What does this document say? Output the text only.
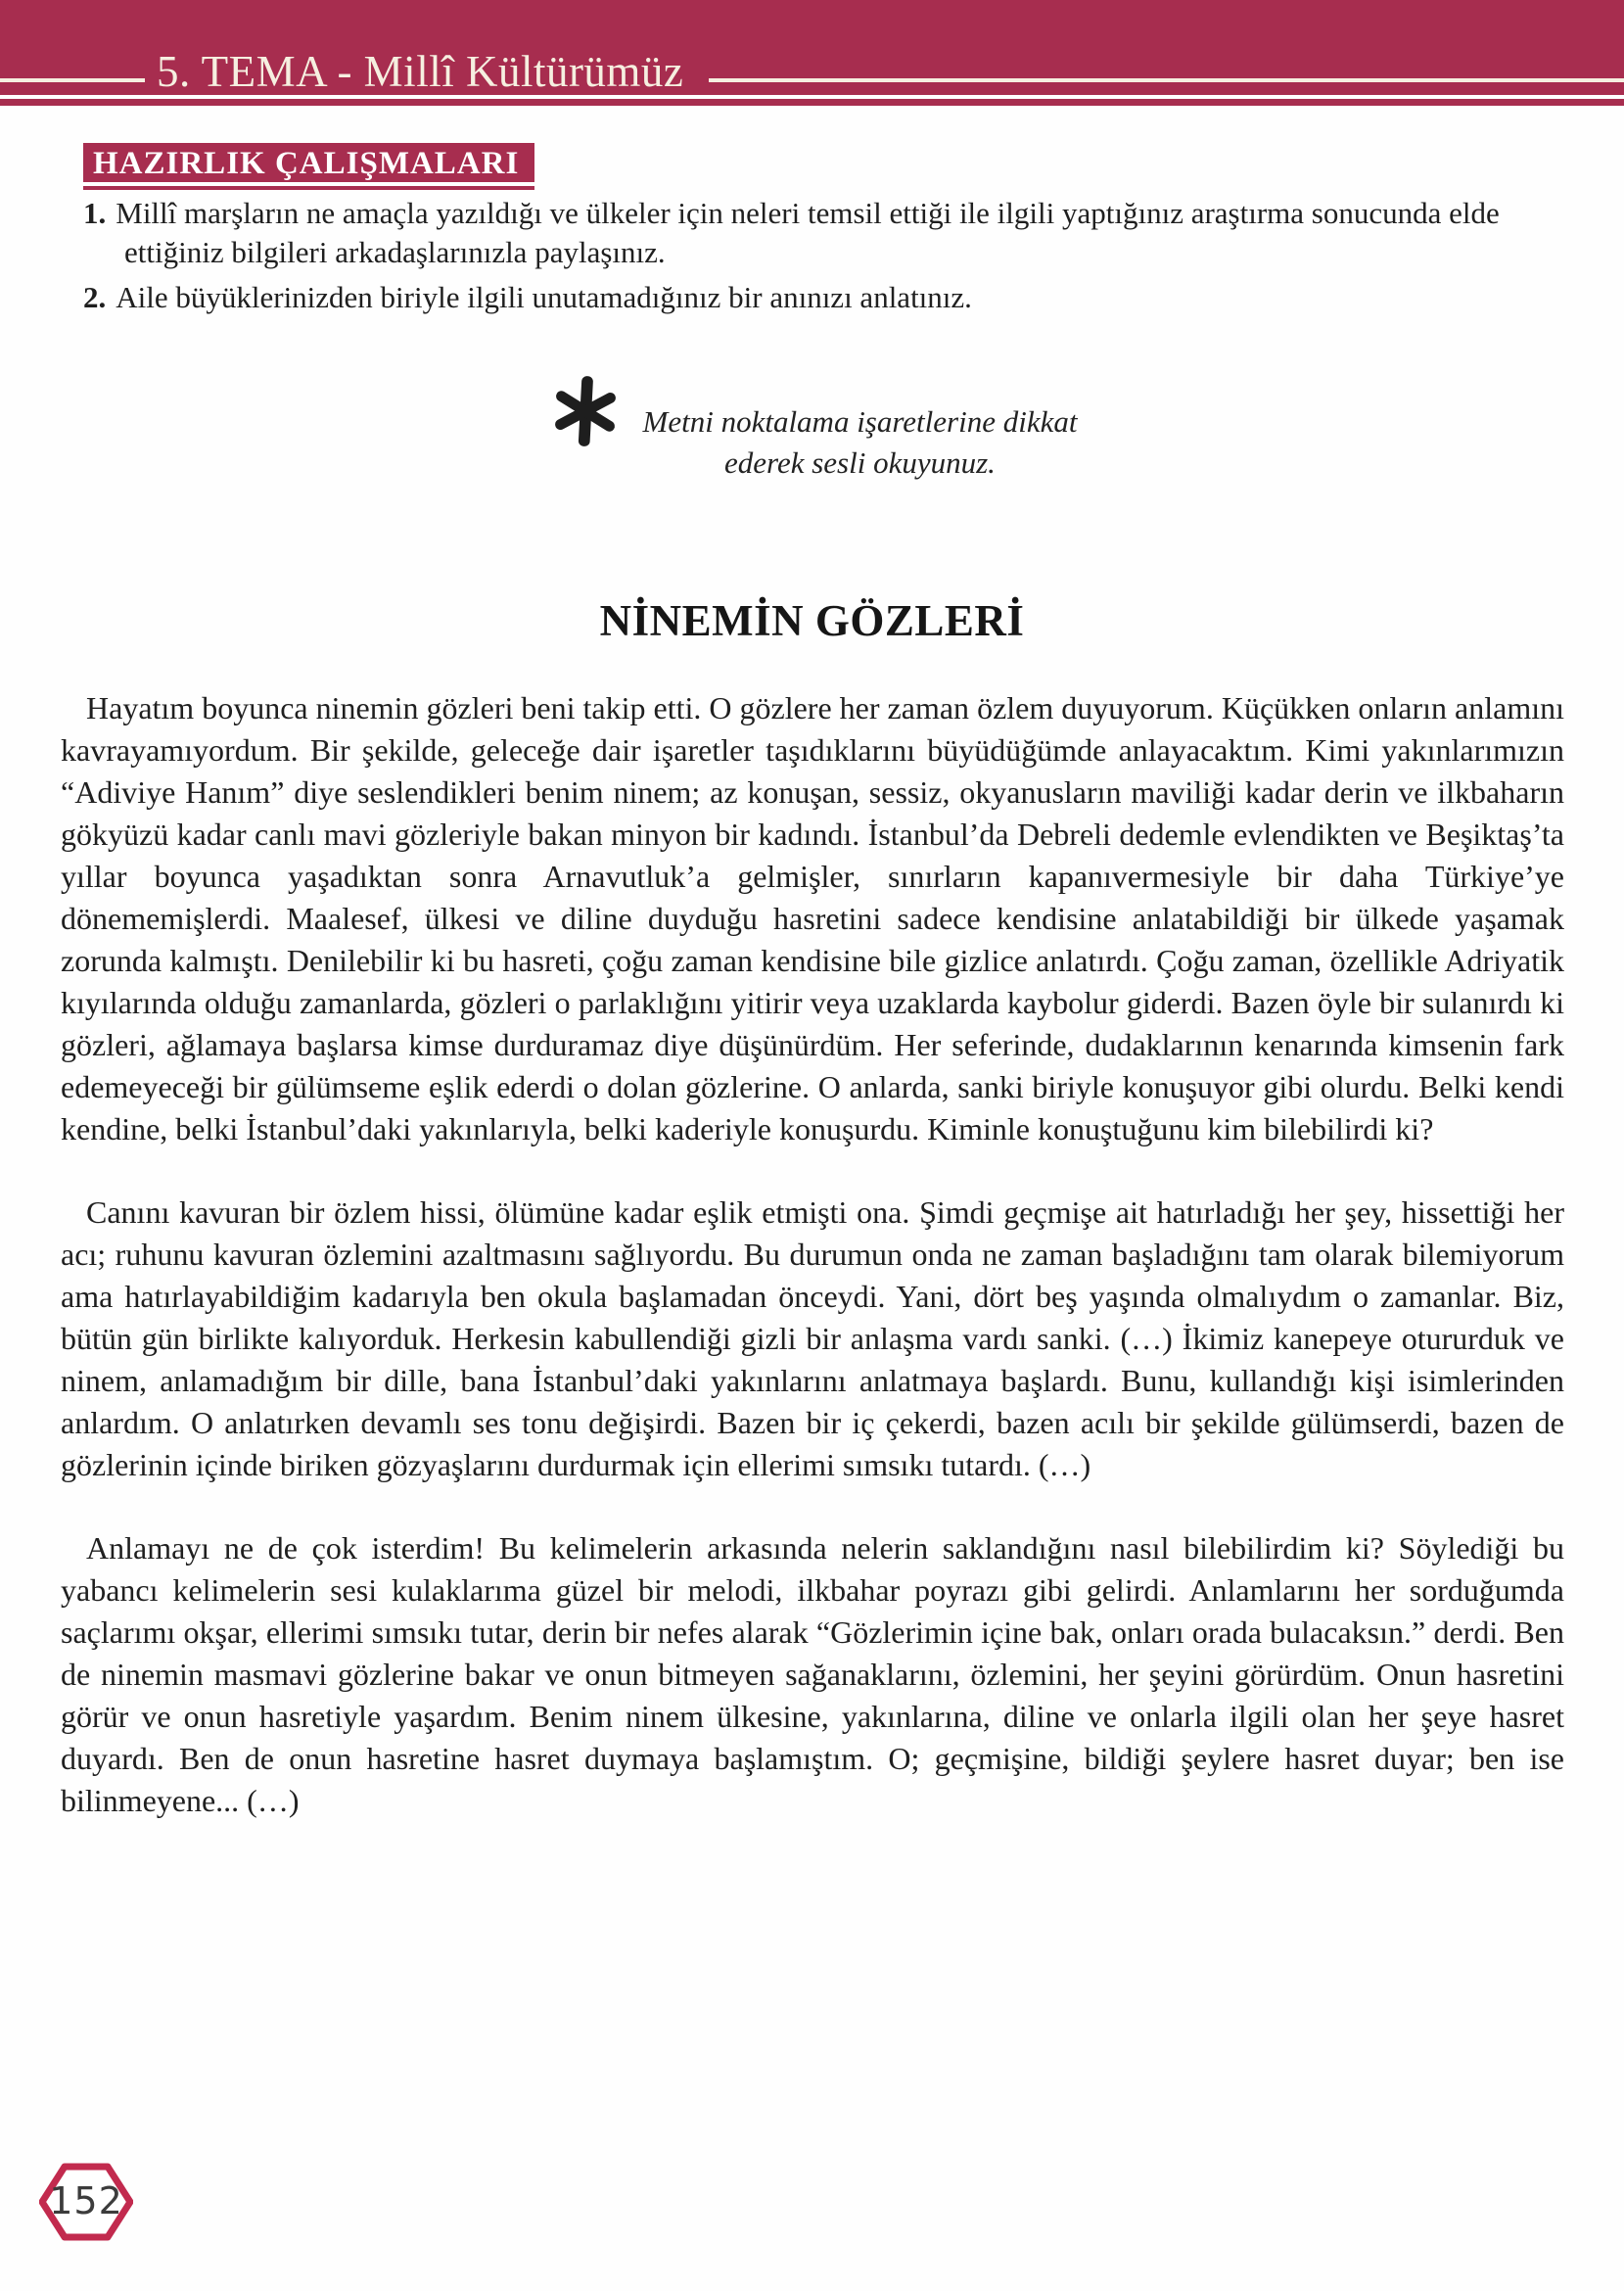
5. TEMA - Millî Kültürümüz
HAZIRLIK ÇALIŞMALARI
1. Millî marşların ne amaçla yazıldığı ve ülkeler için neleri temsil ettiği ile ilgili yaptığınız araştırma sonucunda elde ettiğiniz bilgileri arkadaşlarınızla paylaşınız.
2. Aile büyüklerinizden biriyle ilgili unutamadığınız bir anınızı anlatınız.
Metni noktalama işaretlerine dikkat
ederek sesli okuyunuz.
NİNEMİN GÖZLERİ

Hayatım boyunca ninemin gözleri beni takip etti. O gözlere her zaman özlem duyuyorum. Küçükken onların anlamını kavrayamıyordum. Bir şekilde, geleceğe dair işaretler taşıdıklarını büyüdüğümde anlayacaktım. Kimi yakınlarımızın “Adiviye Hanım” diye seslendikleri benim ninem; az konuşan, sessiz, okyanusların maviliği kadar derin ve ilkbaharın gökyüzü kadar canlı mavi gözleriyle bakan minyon bir kadındı. İstanbul’da Debreli dedemle evlendikten ve Beşiktaş’ta yıllar boyunca yaşadıktan sonra Arnavutluk’a gelmişler, sınırların kapanıvermesiyle bir daha Türkiye’ye dönememişlerdi. Maalesef, ülkesi ve diline duyduğu hasretini sadece kendisine anlatabildiği bir ülkede yaşamak zorunda kalmıştı. Denilebilir ki bu hasreti, çoğu zaman kendisine bile gizlice anlatırdı. Çoğu zaman, özellikle Adriyatik kıyılarında olduğu zamanlarda, gözleri o parlaklığını yitirir veya uzaklarda kaybolur giderdi. Bazen öyle bir sulanırdı ki gözleri, ağlamaya başlarsa kimse durduramaz diye düşünürdüm. Her seferinde, dudaklarının kenarında kimsenin fark edemeyeceği bir gülümseme eşlik ederdi o dolan gözlerine. O anlarda, sanki biriyle konuşuyor gibi olurdu. Belki kendi kendine, belki İstanbul’daki yakınlarıyla, belki kaderiyle konuşurdu. Kiminle konuştuğunu kim bilebilirdi ki?

Canını kavuran bir özlem hissi, ölümüne kadar eşlik etmişti ona. Şimdi geçmişe ait hatırladığı her şey, hissettiği her acı; ruhunu kavuran özlemini azaltmasını sağlıyordu. Bu durumun onda ne zaman başladığını tam olarak bilemiyorum ama hatırlayabildiğim kadarıyla ben okula başlamadan önceydi. Yani, dört beş yaşında olmalıydım o zamanlar. Biz, bütün gün birlikte kalıyorduk. Herkesin kabullendiği gizli bir anlaşma vardı sanki. (…) İkimiz kanepeye otururduk ve ninem, anlamadığım bir dille, bana İstanbul’daki yakınlarını anlatmaya başlardı. Bunu, kullandığı kişi isimlerinden anlardım. O anlatırken devamlı ses tonu değişirdi. Bazen bir iç çekerdi, bazen acılı bir şekilde gülümserdi, bazen de gözlerinin içinde biriken gözyaşlarını durdurmak için ellerimi sımsıkı tutardı. (…)

Anlamayı ne de çok isterdim! Bu kelimelerin arkasında nelerin saklandığını nasıl bilebilirdim ki? Söylediği bu yabancı kelimelerin sesi kulaklarıma güzel bir melodi, ilkbahar poyrazı gibi gelirdi. Anlamlarını her sorduğumda saçlarımı okşar, ellerimi sımsıkı tutar, derin bir nefes alarak “Gözlerimin içine bak, onları orada bulacaksın.” derdi. Ben de ninemin masmavi gözlerine bakar ve onun bitmeyen sağanaklarını, özlemini, her şeyini görürdüm. Onun hasretini görür ve onun hasretiyle yaşardım. Benim ninem ülkesine, yakınlarına, diline ve onlarla ilgili olan her şeye hasret duyardı. Ben de onun hasretine hasret duymaya başlamıştım. O; geçmişine, bildiği şeylere hasret duyar; ben ise bilinmeyene... (…)

152
